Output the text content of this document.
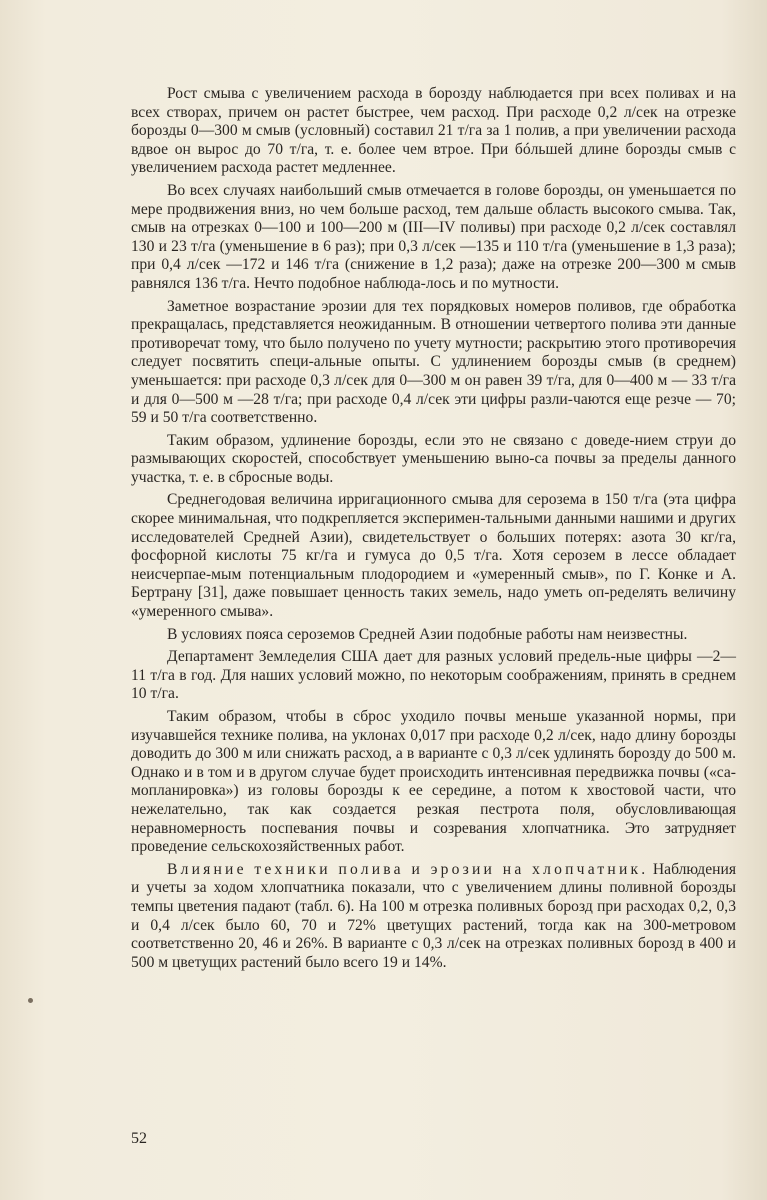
Рост смыва с увеличением расхода в борозду наблюдается при всех поливах и на всех створах, причем он растет быстрее, чем расход. При расходе 0,2 л/сек на отрезке борозды 0—300 м смыв (условный) составил 21 т/га за 1 полив, а при увеличении расхода вдвое он вырос до 70 т/га, т. е. более чем втрое. При бóльшей длине борозды смыв с увеличением расхода растет медленнее.

Во всех случаях наибольший смыв отмечается в голове борозды, он уменьшается по мере продвижения вниз, но чем больше расход, тем дальше область высокого смыва. Так, смыв на отрезках 0—100 и 100—200 м (III—IV поливы) при расходе 0,2 л/сек составлял 130 и 23 т/га (уменьшение в 6 раз); при 0,3 л/сек —135 и 110 т/га (уменьшение в 1,3 раза); при 0,4 л/сек —172 и 146 т/га (снижение в 1,2 раза); даже на отрезке 200—300 м смыв равнялся 136 т/га. Нечто подобное наблюда-лось и по мутности.

Заметное возрастание эрозии для тех порядковых номеров поливов, где обработка прекращалась, представляется неожиданным. В отношении четвертого полива эти данные противоречат тому, что было получено по учету мутности; раскрытию этого противоречия следует посвятить специ-альные опыты. С удлинением борозды смыв (в среднем) уменьшается: при расходе 0,3 л/сек для 0—300 м он равен 39 т/га, для 0—400 м — 33 т/га и для 0—500 м —28 т/га; при расходе 0,4 л/сек эти цифры разли-чаются еще резче — 70; 59 и 50 т/га соответственно.

Таким образом, удлинение борозды, если это не связано с доведе-нием струи до размывающих скоростей, способствует уменьшению выно-са почвы за пределы данного участка, т. е. в сбросные воды.

Среднегодовая величина ирригационного смыва для серозема в 150 т/га (эта цифра скорее минимальная, что подкрепляется эксперимен-тальными данными нашими и других исследователей Средней Азии), свидетельствует о больших потерях: азота 30 кг/га, фосфорной кислоты 75 кг/га и гумуса до 0,5 т/га. Хотя серозем в лессе обладает неисчерпае-мым потенциальным плодородием и «умеренный смыв», по Г. Конке и А. Бертрану [31], даже повышает ценность таких земель, надо уметь оп-ределять величину «умеренного смыва».

В условиях пояса сероземов Средней Азии подобные работы нам неизвестны.

Департамент Земледелия США дает для разных условий предель-ные цифры —2—11 т/га в год. Для наших условий можно, по некоторым соображениям, принять в среднем 10 т/га.

Таким образом, чтобы в сброс уходило почвы меньше указанной нормы, при изучавшейся технике полива, на уклонах 0,017 при расходе 0,2 л/сек, надо длину борозды доводить до 300 м или снижать расход, а в варианте с 0,3 л/сек удлинять борозду до 500 м. Однако и в том и в другом случае будет происходить интенсивная передвижка почвы («са-мопланировка») из головы борозды к ее середине, а потом к хвостовой части, что нежелательно, так как создается резкая пестрота поля, обусловливающая неравномерность поспевания почвы и созревания хлопчатника. Это затрудняет проведение сельскохозяйственных работ.

Влияние техники полива и эрозии на хлопчатник. Наблюдения и учеты за ходом хлопчатника показали, что с увеличением длины поливной борозды темпы цветения падают (табл. 6). На 100 м отрезка поливных борозд при расходах 0,2, 0,3 и 0,4 л/сек было 60, 70 и 72% цветущих растений, тогда как на 300-метровом соответственно 20, 46 и 26%. В варианте с 0,3 л/сек на отрезках поливных борозд в 400 и 500 м цветущих растений было всего 19 и 14%.

52
